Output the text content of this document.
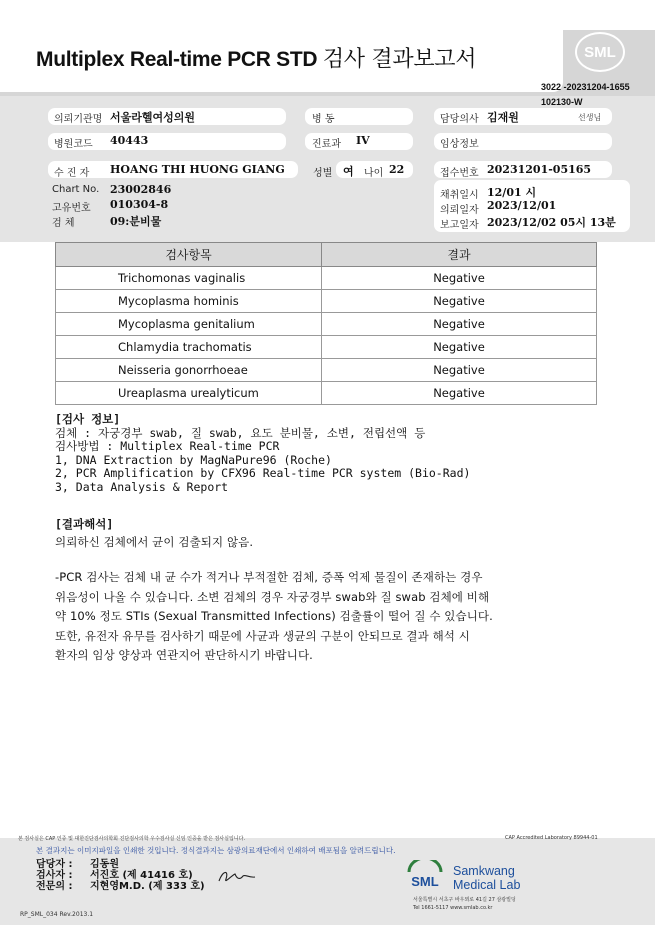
Multiplex Real-time PCR STD 검사 결과보고서	SML
3022 -20231204-1655
102130-W
의뢰기관명 서울라헬여성의원	병 동	담당의사 김재원	선생님
병원코드 40443	진료과 IV	임상정보
수 진 자 HOANG THI HUONG GIANG	성별 여 나이 22	접수번호 20231201-05165
Chart No. 23002846
고유번호 010304-8
검 체	09:분비물
채취일시 12/01 시
의뢰일자 2023/12/01
보고일자 2023/12/02 05시 13분
검사항목	결과
Trichomonas vaginalis	Negative
Mycoplasma hominis	Negative
Mycoplasma genitalium	Negative
Chlamydia trachomatis	Negative
Neisseria gonorrhoeae	Negative
Ureaplasma urealyticum	Negative
[검사 정보]
검체 : 자궁경부 swab, 질 swab, 요도 분비물, 소변, 전립선액 등
검사방법 : Multiplex Real-time PCR
1, DNA Extraction by MagNaPure96 (Roche)
2, PCR Amplification by CFX96 Real-time PCR system (Bio-Rad)
3, Data Analysis & Report
[결과해석]
의뢰하신 검체에서 균이 검출되지 않음.
-PCR 검사는 검체 내 균 수가 적거나 부적절한 검체, 증폭 억제 물질이 존재하는 경우
위음성이 나올 수 있습니다. 소변 검체의 경우 자궁경부 swab와 질 swab 검체에 비해
약 10% 정도 STIs (Sexual Transmitted Infections) 검출률이 떨어 질 수 있습니다.
또한, 유전자 유무를 검사하기 때문에 사균과 생균의 구분이 안되므로 결과 해석 시
환자의 임상 양상과 연관지어 판단하시기 바랍니다.
본 검사실은 CAP 인증 및 대한진단검사의학회 진단검사의학 우수검사실 신임 인증을 받은 검사실입니다.	CAP Accredited Laboratory 89944-01
본 결과지는 이미지파일을 인쇄한 것입니다. 정식결과지는 삼광의료재단에서 인쇄하여 배포됨을 알려드립니다.
담당자 : 김동원
검사자 : 서진호 (제 41416 호)
전문의 : 지현영M.D. (제 333 호)	SML
Samkwang
Medical Lab
서울특별시 서초구 바우뫼로 41길 27 삼광빌딩
Tel 1661-5117 www.smlab.co.kr
RP_SML_034 Rev.2013.1
